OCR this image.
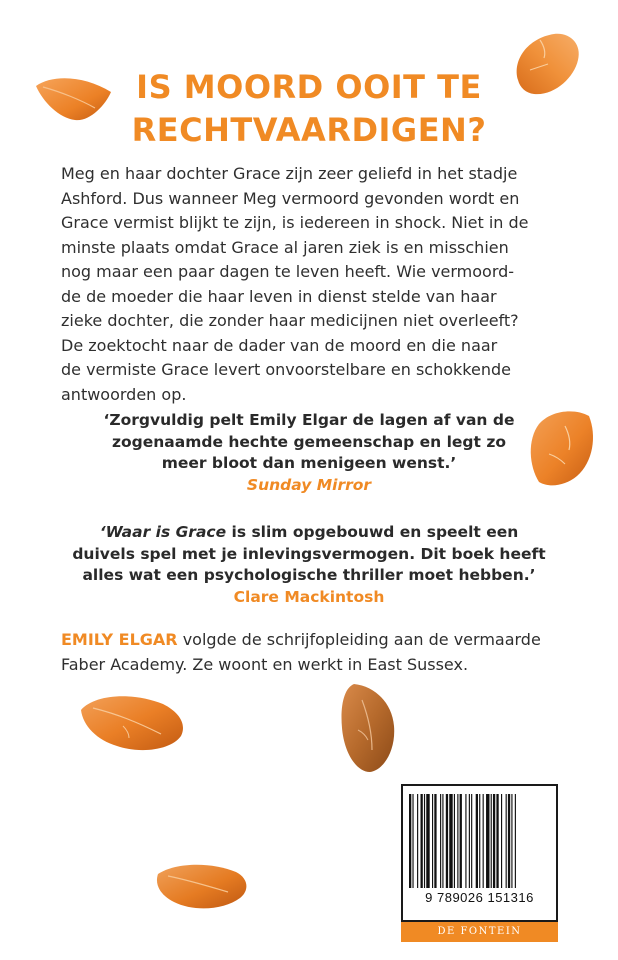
IS MOORD OOIT TE
RECHTVAARDIGEN?
Meg en haar dochter Grace zijn zeer geliefd in het stadje
Ashford. Dus wanneer Meg vermoord gevonden wordt en
Grace vermist blijkt te zijn, is iedereen in shock. Niet in de
minste plaats omdat Grace al jaren ziek is en misschien
nog maar een paar dagen te leven heeft. Wie vermoord-
de de moeder die haar leven in dienst stelde van haar
zieke dochter, die zonder haar medicijnen niet overleeft?
De zoektocht naar de dader van de moord en die naar
de vermiste Grace levert onvoorstelbare en schokkende
antwoorden op.
‘Zorgvuldig pelt Emily Elgar de lagen af van de
zogenaamde hechte gemeenschap en legt zo
meer bloot dan menigeen wenst.’
Sunday Mirror
‘Waar is Grace is slim opgebouwd en speelt een
duivels spel met je inlevingsvermogen. Dit boek heeft
alles wat een psychologische thriller moet hebben.’
Clare Mackintosh
EMILY ELGAR volgde de schrijfopleiding aan de vermaarde
Faber Academy. Ze woont en werkt in East Sussex.
9 789026 151316
DE FONTEIN
